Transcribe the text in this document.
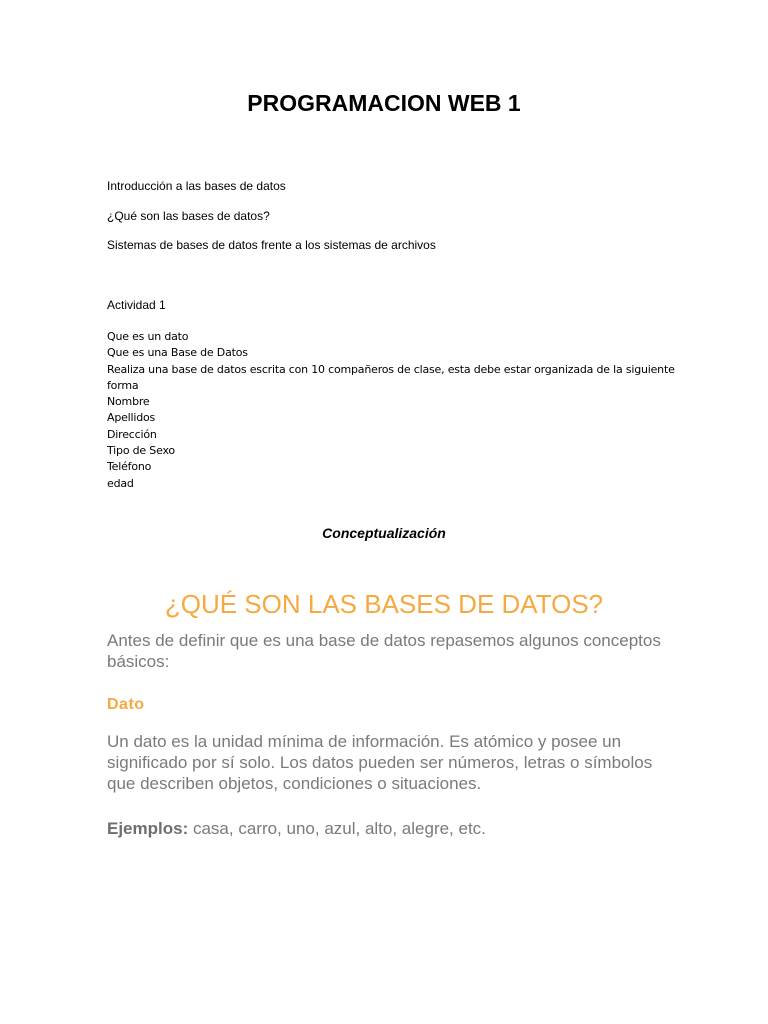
PROGRAMACION WEB 1

Introducción a las bases de datos

¿Qué son las bases de datos?

Sistemas de bases de datos frente a los sistemas de archivos

Actividad 1

Que es un dato
Que es una Base de Datos
Realiza una base de datos escrita con 10 compañeros de clase, esta debe estar organizada de la siguiente forma
Nombre
Apellidos
Dirección
Tipo de Sexo
Teléfono
edad

Conceptualización

¿QUÉ SON LAS BASES DE DATOS?

Antes de definir que es una base de datos repasemos algunos conceptos básicos:

Dato

Un dato es la unidad mínima de información. Es atómico y posee un significado por sí solo. Los datos pueden ser números, letras o símbolos que describen objetos, condiciones o situaciones.

Ejemplos: casa, carro, uno, azul, alto, alegre, etc.
